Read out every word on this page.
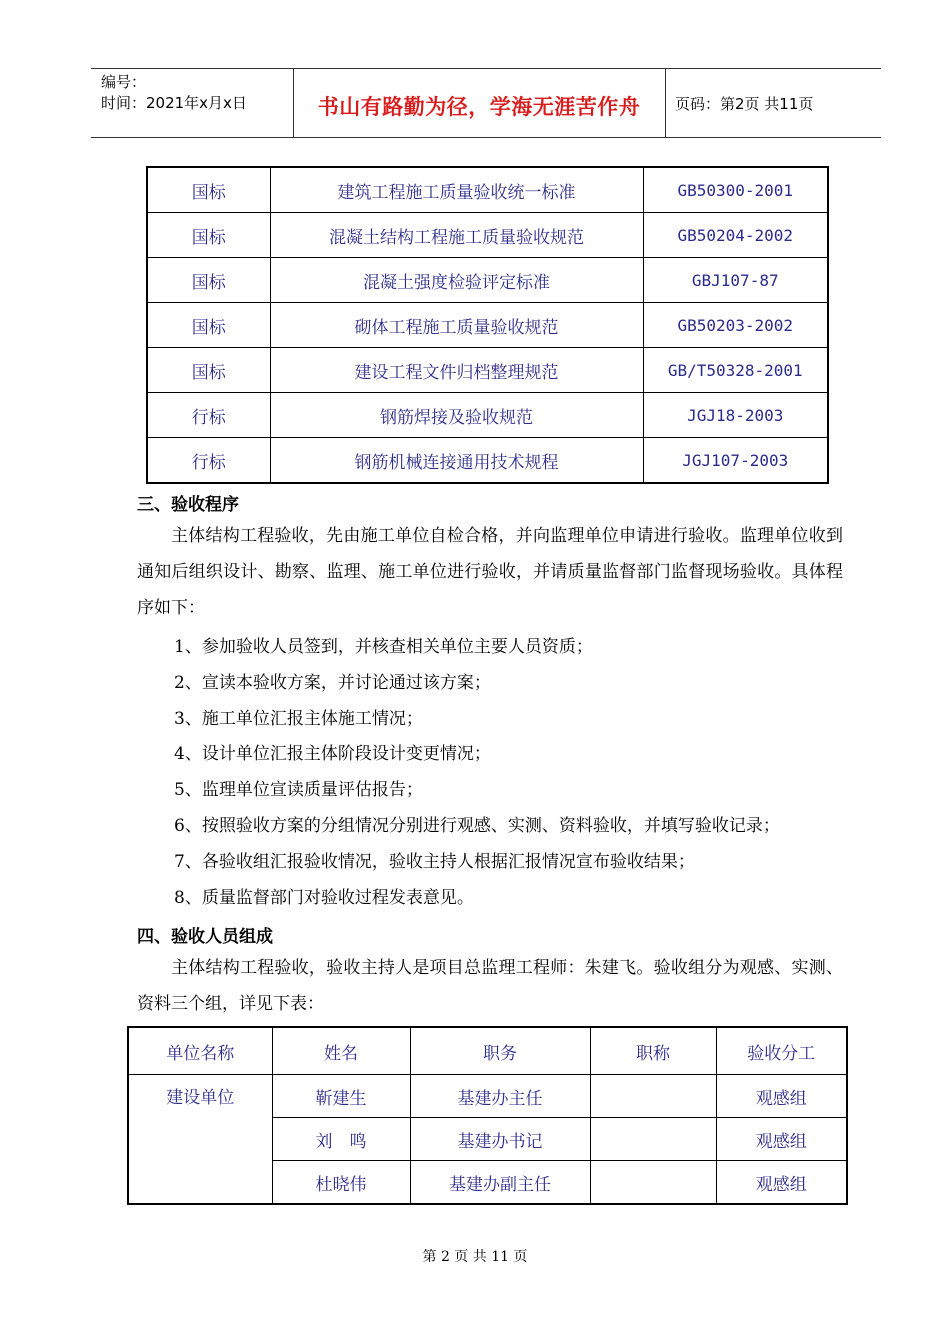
编号：
时间：2021年x月x日	书山有路勤为径，学海无涯苦作舟	页码：第2页 共11页
国标	建筑工程施工质量验收统一标准	GB50300-2001
国标	混凝土结构工程施工质量验收规范	GB50204-2002
国标	混凝土强度检验评定标准	GBJ107-87
国标	砌体工程施工质量验收规范	GB50203-2002
国标	建设工程文件归档整理规范	GB/T50328-2001
行标	钢筋焊接及验收规范	JGJ18-2003
行标	钢筋机械连接通用技术规程	JGJ107-2003
三、验收程序
主体结构工程验收，先由施工单位自检合格，并向监理单位申请进行验收。监理单位收到通知后组织设计、勘察、监理、施工单位进行验收，并请质量监督部门监督现场验收。具体程序如下：
1、参加验收人员签到，并核查相关单位主要人员资质；
2、宣读本验收方案，并讨论通过该方案；
3、施工单位汇报主体施工情况；
4、设计单位汇报主体阶段设计变更情况；
5、监理单位宣读质量评估报告；
6、按照验收方案的分组情况分别进行观感、实测、资料验收，并填写验收记录；
7、各验收组汇报验收情况，验收主持人根据汇报情况宣布验收结果；
8、质量监督部门对验收过程发表意见。
四、验收人员组成
主体结构工程验收，验收主持人是项目总监理工程师：朱建飞。验收组分为观感、实测、资料三个组，详见下表：
单位名称	姓名	职务	职称	验收分工
建设单位	靳建生	基建办主任		观感组
	刘　鸣	基建办书记		观感组
	杜晓伟	基建办副主任		观感组
第 2 页 共 11 页
